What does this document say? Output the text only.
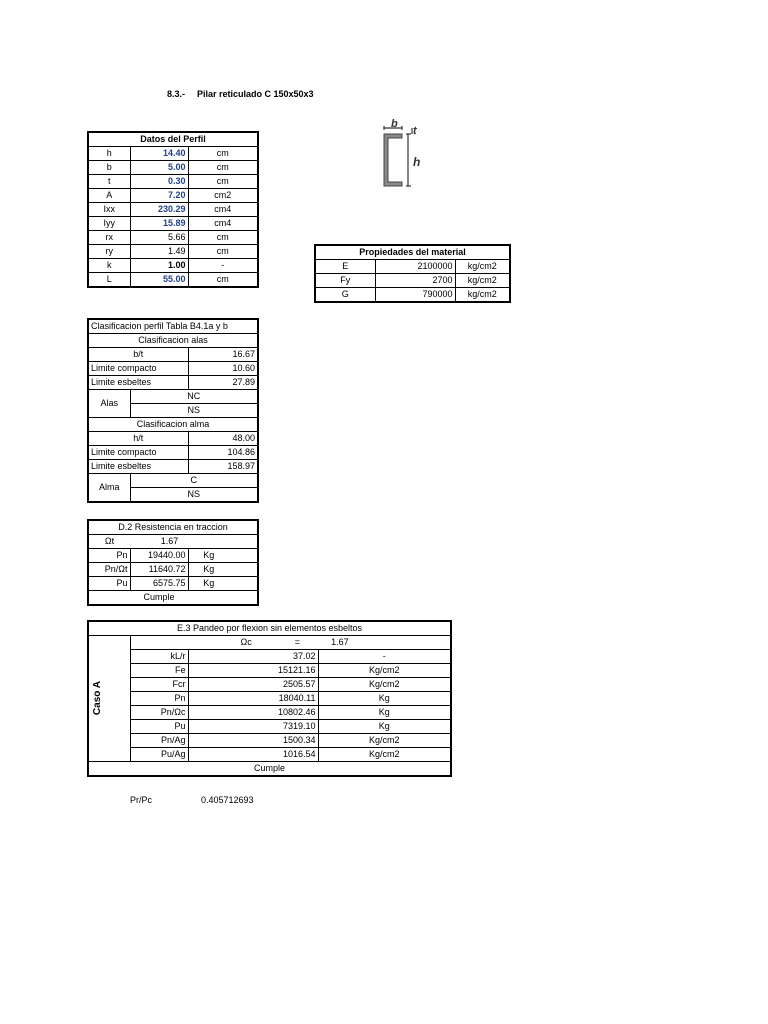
8.3.- Pilar reticulado C 150x50x3
b
t
h
Datos del Perfil		
h	14.40	cm
b	5.00	cm
t	0.30	cm
A	7.20	cm2
Ixx	230.29	cm4
Iyy	15.89	cm4
rx	5.66	cm
ry	1.49	cm
k	1.00	-
L	55.00	cm
Propiedades del material		
E	2100000	kg/cm2
Fy	2700	kg/cm2
G	790000	kg/cm2
Clasificacion perfil Tabla B4.1a y b		
Clasificacion alas		
b/t		16.67
Limite compacto		10.60
Limite esbeltes		27.89
Alas	NC	
	NS	
Clasificacion alma		
h/t		48.00
Limite compacto		104.86
Limite esbeltes		158.97
Alma	C	
	NS	
D.2 Resistencia en traccion		
Ωt	1.67	
Pn	19440.00	Kg
Pn/Ωt	11640.72	Kg
Pu	6575.75	Kg
Cumple		
E.3 Pandeo por flexion sin elementos esbeltos			

Caso A	Ωc = 1.67		
	kL/r	37.02	-
	Fe	15121.16	Kg/cm2
	Fcr	2505.57	Kg/cm2
	Pn	18040.11	Kg
	Pn/Ωc	10802.46	Kg
	Pu	7319.10	Kg
	Pn/Ag	1500.34	Kg/cm2
	Pu/Ag	1016.54	Kg/cm2
Cumple			
Pr/Pc	0.405712693
